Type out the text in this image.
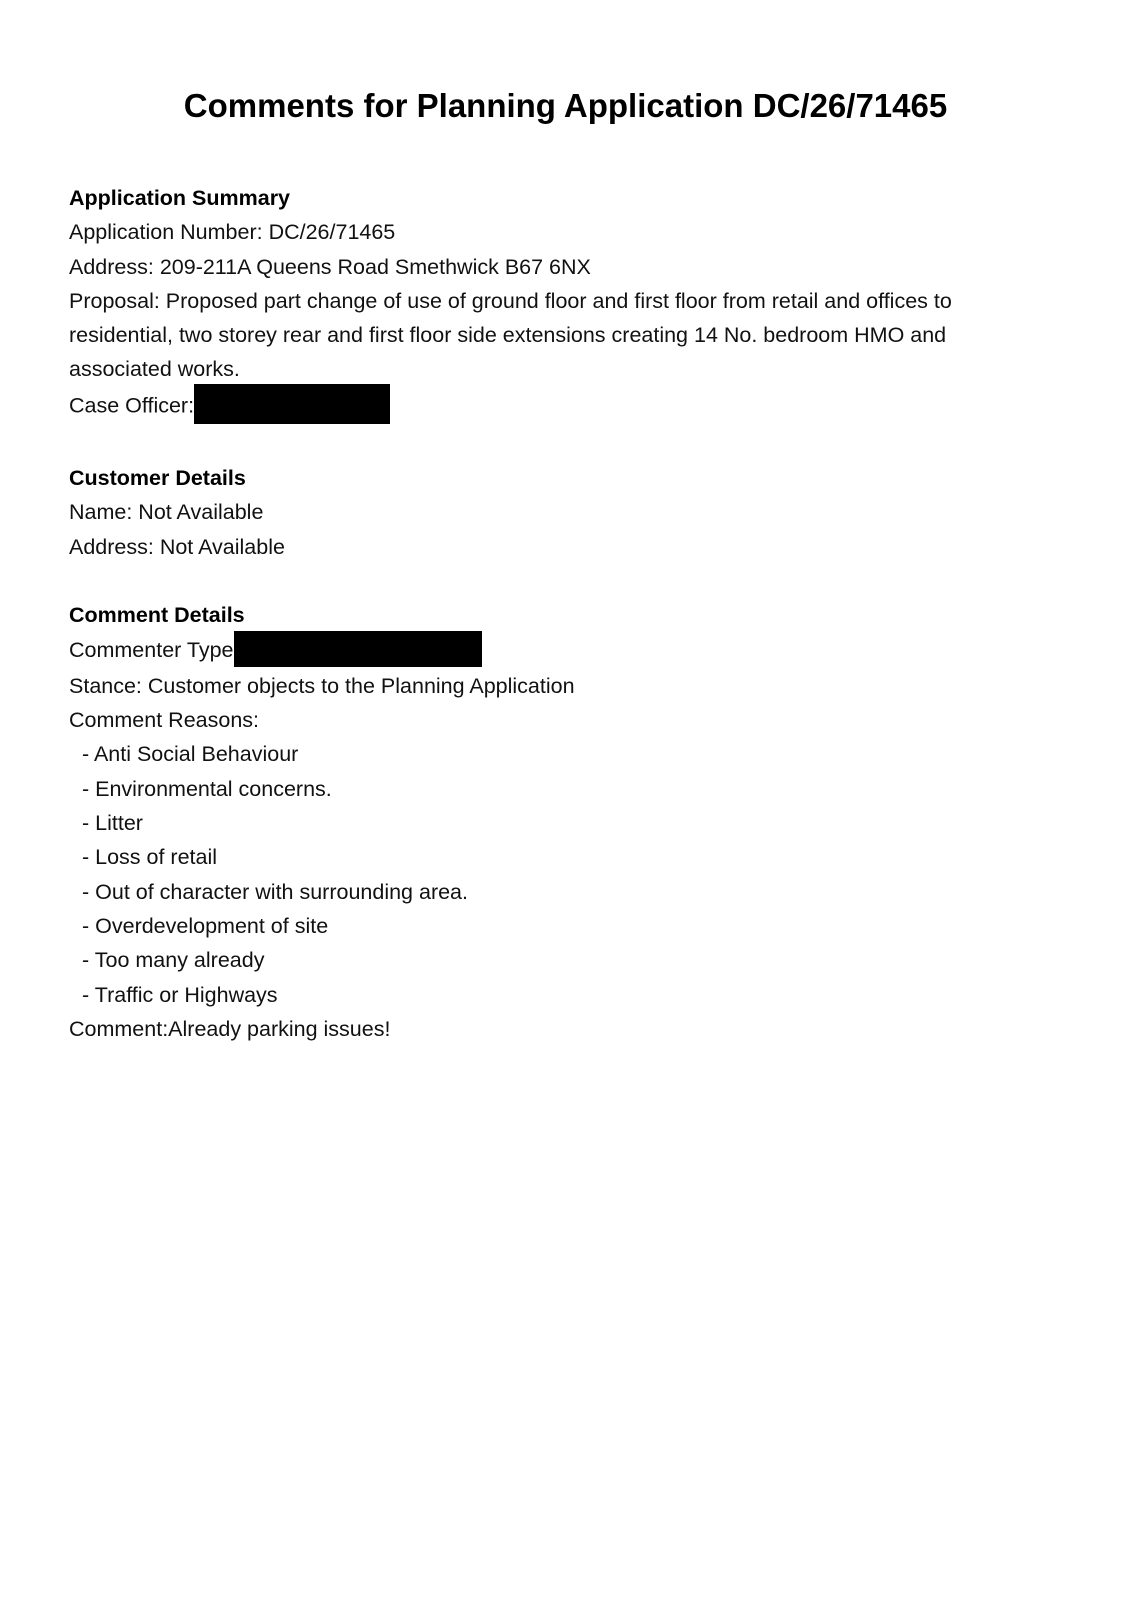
Comments for Planning Application DC/26/71465

Application Summary

Application Number: DC/26/71465

Address: 209-211A Queens Road Smethwick B67 6NX

Proposal: Proposed part change of use of ground floor and first floor from retail and offices to residential, two storey rear and first floor side extensions creating 14 No. bedroom HMO and associated works.

Case Officer:

Customer Details

Name: Not Available

Address: Not Available

Comment Details

Commenter Type

Stance: Customer objects to the Planning Application

Comment Reasons:

- Anti Social Behaviour
- Environmental concerns.
- Litter
- Loss of retail
- Out of character with surrounding area.
- Overdevelopment of site
- Too many already
- Traffic or Highways

Comment:Already parking issues!
